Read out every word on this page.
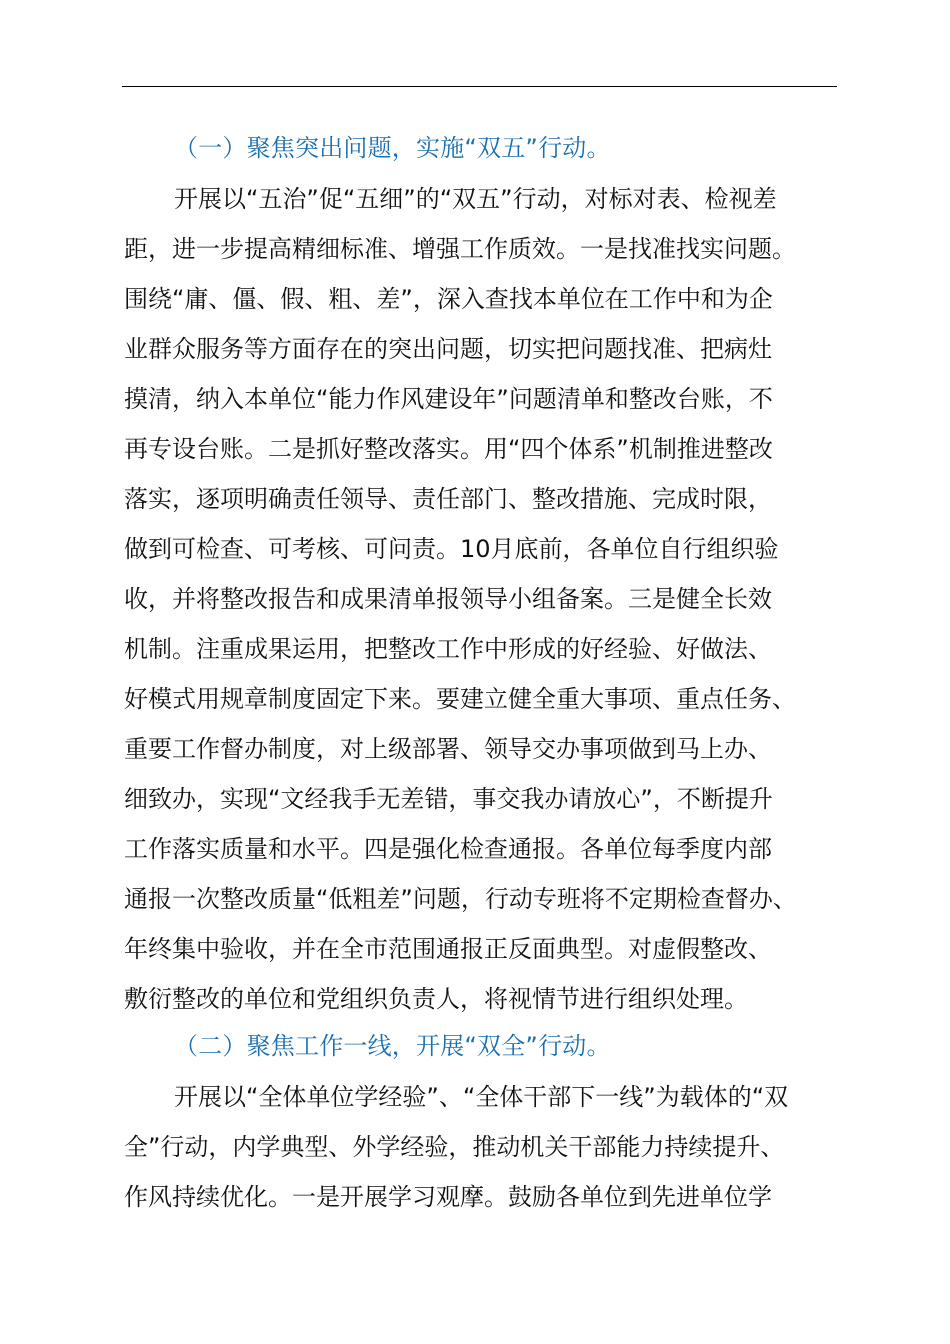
（一）聚焦突出问题，实施“双五”行动。
开展以“五治”促“五细”的“双五”行动，对标对表、检视差
距，进一步提高精细标准、增强工作质效。一是找准找实问题。
围绕“庸、僵、假、粗、差”，深入查找本单位在工作中和为企
业群众服务等方面存在的突出问题，切实把问题找准、把病灶
摸清，纳入本单位“能力作风建设年”问题清单和整改台账，不
再专设台账。二是抓好整改落实。用“四个体系”机制推进整改
落实，逐项明确责任领导、责任部门、整改措施、完成时限，
做到可检查、可考核、可问责。10月底前，各单位自行组织验
收，并将整改报告和成果清单报领导小组备案。三是健全长效
机制。注重成果运用，把整改工作中形成的好经验、好做法、
好模式用规章制度固定下来。要建立健全重大事项、重点任务、
重要工作督办制度，对上级部署、领导交办事项做到马上办、
细致办，实现“文经我手无差错，事交我办请放心”，不断提升
工作落实质量和水平。四是强化检查通报。各单位每季度内部
通报一次整改质量“低粗差”问题，行动专班将不定期检查督办、
年终集中验收，并在全市范围通报正反面典型。对虚假整改、
敷衍整改的单位和党组织负责人，将视情节进行组织处理。
（二）聚焦工作一线，开展“双全”行动。
开展以“全体单位学经验”、“全体干部下一线”为载体的“双
全”行动，内学典型、外学经验，推动机关干部能力持续提升、
作风持续优化。一是开展学习观摩。鼓励各单位到先进单位学
